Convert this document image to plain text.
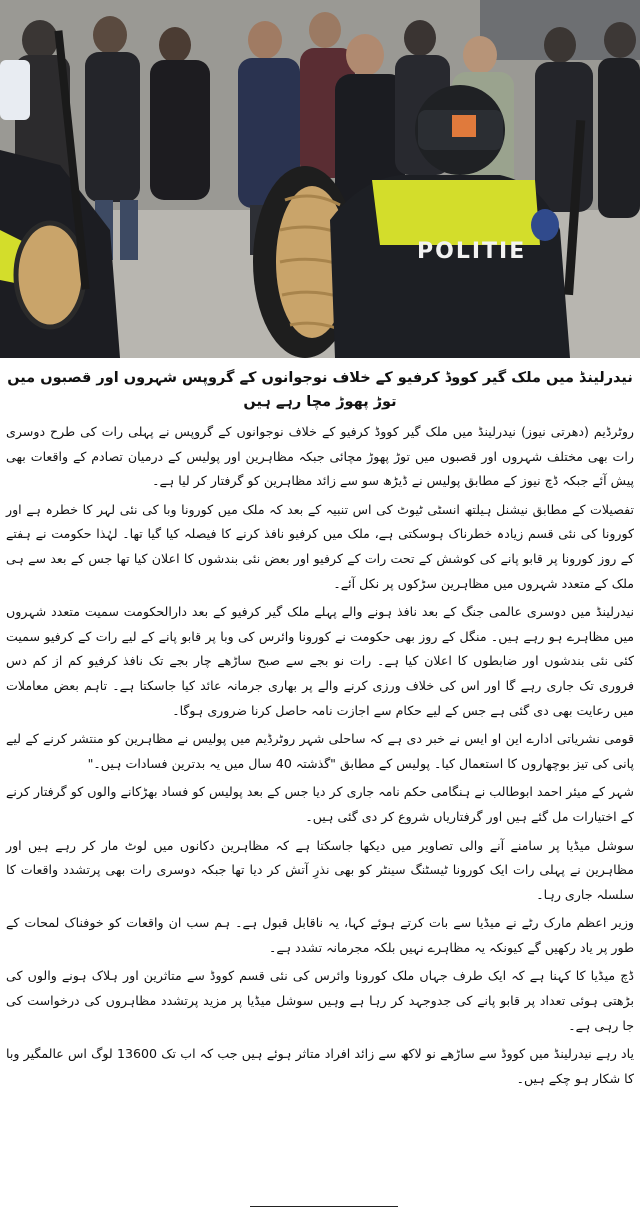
POLITIE
نیدرلینڈ میں ملک گیر کووڈ کرفیو کے خلاف نوجوانوں کے گروپس شہروں اور قصبوں میں توڑ پھوڑ مچا رہے ہیں

روٹرڈیم (دھرتی نیوز) نیدرلینڈ میں ملک گیر کووڈ کرفیو کے خلاف نوجوانوں کے گروپس نے پہلی رات کی طرح دوسری رات بھی مختلف شہروں اور قصبوں میں توڑ پھوڑ مچائی جبکہ مظاہرین اور پولیس کے درمیان تصادم کے واقعات بھی پیش آئے جبکہ ڈچ نیوز کے مطابق پولیس نے ڈیڑھ سو سے زائد مظاہرین کو گرفتار کر لیا ہے۔

تفصیلات کے مطابق نیشنل ہیلتھ انسٹی ٹیوٹ کی اس تنبیہ کے بعد کہ ملک میں کورونا وبا کی نئی لہر کا خطرہ ہے اور کورونا کی نئی قسم زیادہ خطرناک ہوسکتی ہے، ملک میں کرفیو نافذ کرنے کا فیصلہ کیا گیا تھا۔ لہٰذا حکومت نے ہفتے کے روز کورونا پر قابو پانے کی کوشش کے تحت رات کے کرفیو اور بعض نئی بندشوں کا اعلان کیا تھا جس کے بعد سے ہی ملک کے متعدد شہروں میں مظاہرین سڑکوں پر نکل آئے۔

نیدرلینڈ میں دوسری عالمی جنگ کے بعد نافذ ہونے والے پہلے ملک گیر کرفیو کے بعد دارالحکومت سمیت متعدد شہروں میں مظاہرے ہو رہے ہیں۔ منگل کے روز بھی حکومت نے کورونا وائرس کی وبا پر قابو پانے کے لیے رات کے کرفیو سمیت کئی نئی بندشوں اور ضابطوں کا اعلان کیا ہے۔ رات نو بجے سے صبح ساڑھے چار بجے تک نافذ کرفیو کم از کم دس فروری تک جاری رہے گا اور اس کی خلاف ورزی کرنے والے پر بھاری جرمانہ عائد کیا جاسکتا ہے۔ تاہم بعض معاملات میں رعایت بھی دی گئی ہے جس کے لیے حکام سے اجازت نامہ حاصل کرنا ضروری ہوگا۔

قومی نشریاتی ادارے این او ایس نے خبر دی ہے کہ ساحلی شہر روٹرڈیم میں پولیس نے مظاہرین کو منتشر کرنے کے لیے پانی کی تیز بوچھاروں کا استعمال کیا۔ پولیس کے مطابق "گذشتہ 40 سال میں یہ بدترین فسادات ہیں۔"

شہر کے میئر احمد ابوطالب نے ہنگامی حکم نامہ جاری کر دیا جس کے بعد پولیس کو فساد بھڑکانے والوں کو گرفتار کرنے کے اختیارات مل گئے ہیں اور گرفتاریاں شروع کر دی گئی ہیں۔

سوشل میڈیا پر سامنے آنے والی تصاویر میں دیکھا جاسکتا ہے کہ مظاہرین دکانوں میں لوٹ مار کر رہے ہیں اور مظاہرین نے پہلی رات ایک کورونا ٹیسٹنگ سینٹر کو بھی نذرِ آتش کر دیا تھا جبکہ دوسری رات بھی پرتشدد واقعات کا سلسلہ جاری رہا۔

وزیر اعظم مارک رٹے نے میڈیا سے بات کرتے ہوئے کہا، یہ ناقابل قبول ہے۔ ہم سب ان واقعات کو خوفناک لمحات کے طور پر یاد رکھیں گے کیونکہ یہ مظاہرے نہیں بلکہ مجرمانہ تشدد ہے۔

ڈچ میڈیا کا کہنا ہے کہ ایک طرف جہاں ملک کورونا وائرس کی نئی قسم کووڈ سے متاثرین اور ہلاک ہونے والوں کی بڑھتی ہوئی تعداد پر قابو پانے کی جدوجہد کر رہا ہے وہیں سوشل میڈیا پر مزید پرتشدد مظاہروں کی درخواست کی جا رہی ہے۔

یاد رہے نیدرلینڈ میں کووڈ سے ساڑھے نو لاکھ سے زائد افراد متاثر ہوئے ہیں جب کہ اب تک 13600 لوگ اس عالمگیر وبا کا شکار ہو چکے ہیں۔
